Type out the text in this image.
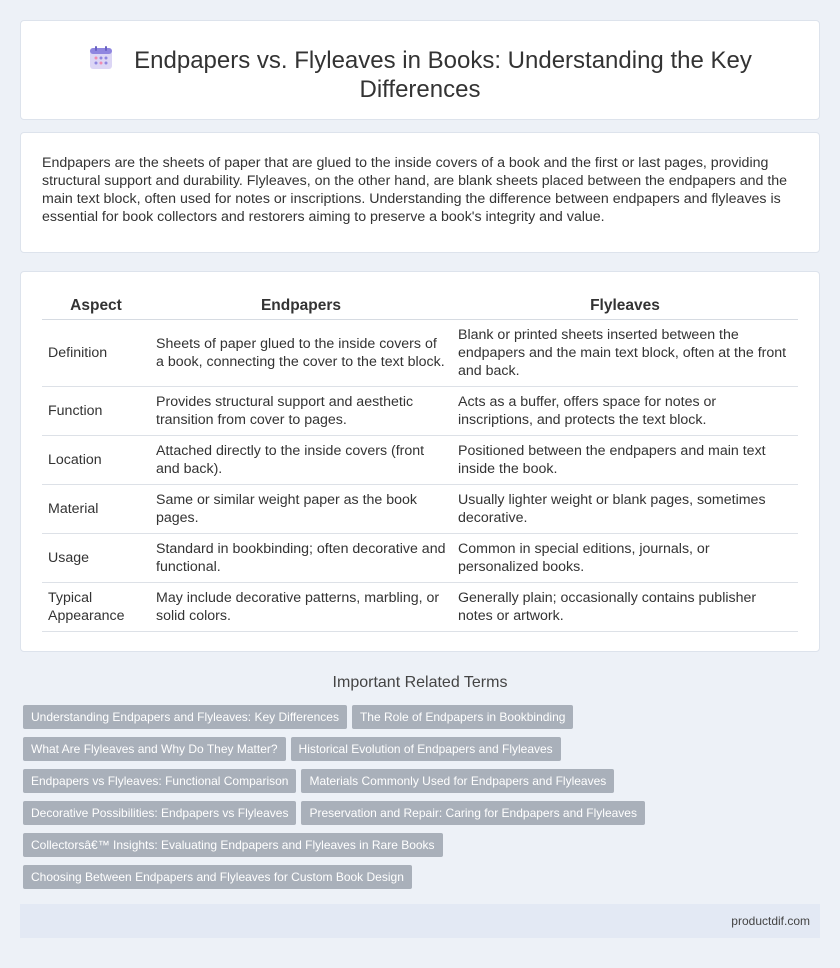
Endpapers vs. Flyleaves in Books: Understanding the Key
Differences

Endpapers are the sheets of paper that are glued to the inside covers of a book and the first or last pages, providing structural support and durability. Flyleaves, on the other hand, are blank sheets placed between the endpapers and the main text block, often used for notes or inscriptions. Understanding the difference between endpapers and flyleaves is essential for book collectors and restorers aiming to preserve a book's integrity and value.

Aspect	Endpapers	Flyleaves
Definition	Sheets of paper glued to the inside covers of a book, connecting the cover to the text block.	Blank or printed sheets inserted between the endpapers and the main text block, often at the front and back.
Function	Provides structural support and aesthetic transition from cover to pages.	Acts as a buffer, offers space for notes or inscriptions, and protects the text block.
Location	Attached directly to the inside covers (front and back).	Positioned between the endpapers and main text inside the book.
Material	Same or similar weight paper as the book pages.	Usually lighter weight or blank pages, sometimes decorative.
Usage	Standard in bookbinding; often decorative and functional.	Common in special editions, journals, or personalized books.
Typical Appearance	May include decorative patterns, marbling, or solid colors.	Generally plain; occasionally contains publisher notes or artwork.
Important Related Terms
Understanding Endpapers and Flyleaves: Key Differences The Role of Endpapers in Bookbinding
What Are Flyleaves and Why Do They Matter? Historical Evolution of Endpapers and Flyleaves
Endpapers vs Flyleaves: Functional Comparison Materials Commonly Used for Endpapers and Flyleaves
Decorative Possibilities: Endpapers vs Flyleaves Preservation and Repair: Caring for Endpapers and Flyleaves
Collectorsâ€™ Insights: Evaluating Endpapers and Flyleaves in Rare Books
Choosing Between Endpapers and Flyleaves for Custom Book Design
productdif.com
